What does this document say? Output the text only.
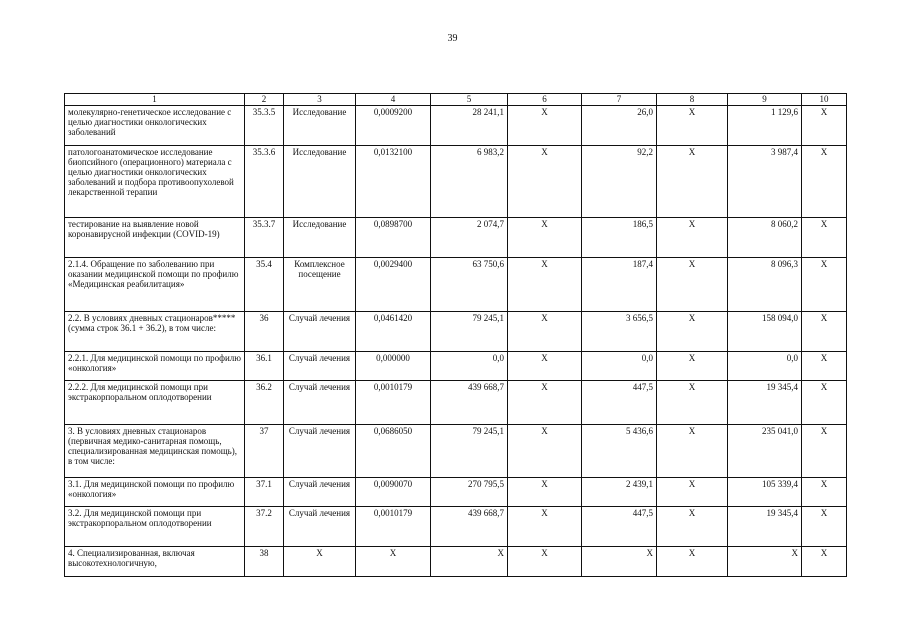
39
1	2	3	4	5	6	7	8	9	10
молекулярно-генетическое исследование с целью диагностики онкологических заболеваний	35.3.5	Исследование	0,0009200	28 241,1	X	26,0	X	1 129,6	X
патологоанатомическое исследование биопсийного (операционного) материала с целью диагностики онкологических заболеваний и подбора противоопухолевой лекарственной терапии	35.3.6	Исследование	0,0132100	6 983,2	X	92,2	X	3 987,4	X
тестирование на выявление новой коронавирусной инфекции (COVID-19)	35.3.7	Исследование	0,0898700	2 074,7	X	186,5	X	8 060,2	X
2.1.4. Обращение по заболеванию при оказании медицинской помощи по профилю «Медицинская реабилитация»	35.4	Комплексное посещение	0,0029400	63 750,6	X	187,4	X	8 096,3	X
2.2. В условиях дневных стационаров***** (сумма строк 36.1 + 36.2), в том числе:	36	Случай лечения	0,0461420	79 245,1	X	3 656,5	X	158 094,0	X
2.2.1. Для медицинской помощи по профилю «онкология»	36.1	Случай лечения	0,000000	0,0	X	0,0	X	0,0	X
2.2.2. Для медицинской помощи при экстракорпоральном оплодотворении	36.2	Случай лечения	0,0010179	439 668,7	X	447,5	X	19 345,4	X
3. В условиях дневных стационаров (первичная медико-санитарная помощь, специализированная медицинская помощь), в том числе:	37	Случай лечения	0,0686050	79 245,1	X	5 436,6	X	235 041,0	X
3.1. Для медицинской помощи по профилю «онкология»	37.1	Случай лечения	0,0090070	270 795,5	X	2 439,1	X	105 339,4	X
3.2. Для медицинской помощи при экстракорпоральном оплодотворении	37.2	Случай лечения	0,0010179	439 668,7	X	447,5	X	19 345,4	X
4. Специализированная, включая высокотехнологичную,	38	X	X	X	X	X	X	X	X
